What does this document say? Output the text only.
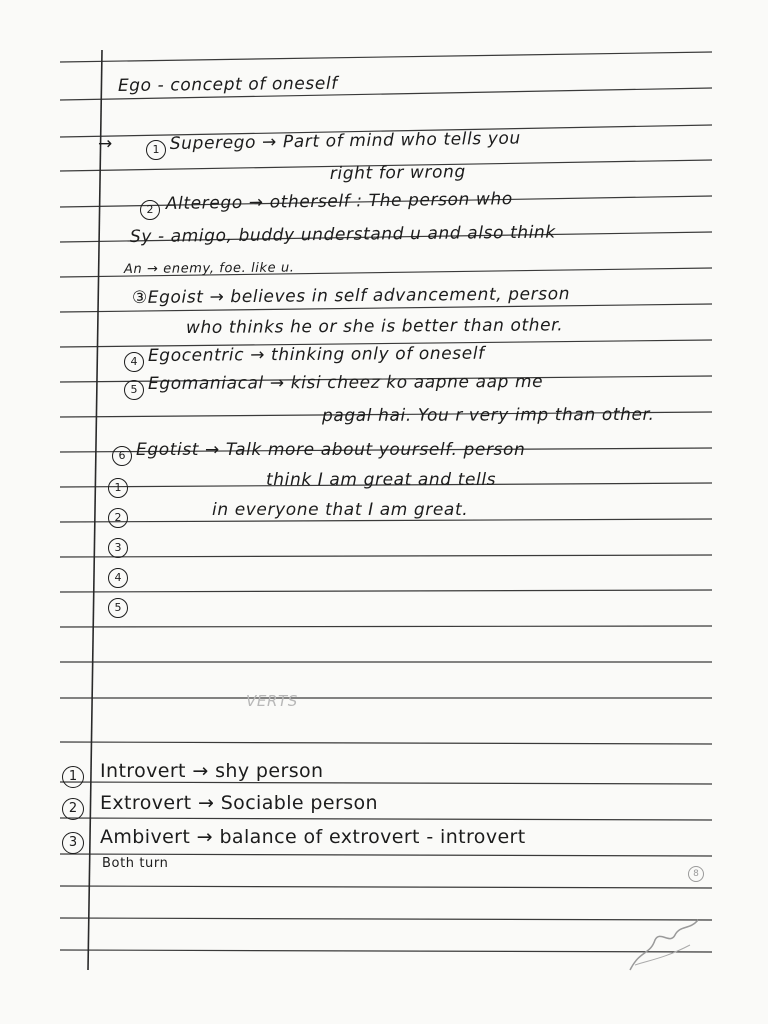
Ego - concept of oneself
→	1 Superego → Part of mind who tells you
right for wrong
2 Alterego → otherself : The person who
Sy - amigo, buddy understand u and also think
An → enemy, foe. like u.
③Egoist → believes in self advancement, person
who thinks he or she is better than other.
4 Egocentric → thinking only of oneself
5 Egomaniacal → kisi cheez ko aapne aap me
pagal hai. You r very imp than other.
6 Egotist → Talk more about yourself. person
think I am great and tells
in everyone that I am great.
1
2
3
4
5
VERTS
1	Introvert → shy person
2	Extrovert → Sociable person
3	Ambivert → balance of extrovert - introvert
Both turn
8
